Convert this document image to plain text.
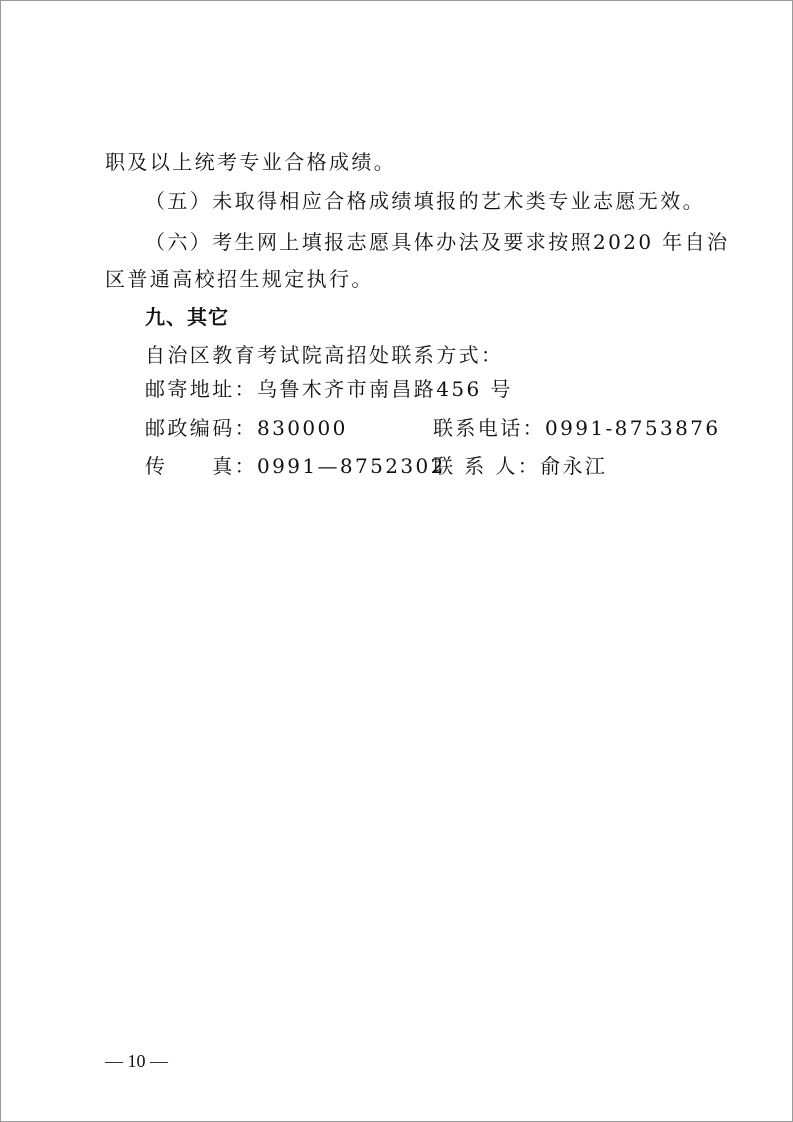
职及以上统考专业合格成绩。
（五）未取得相应合格成绩填报的艺术类专业志愿无效。
（六）考生网上填报志愿具体办法及要求按照2020 年自治
区普通高校招生规定执行。
九、其它
自治区教育考试院高招处联系方式：
邮寄地址：乌鲁木齐市南昌路456 号
邮政编码：830000	联系电话：0991-8753876
传　　真：0991—8752302
联 系 人：俞永江
— 10 —
